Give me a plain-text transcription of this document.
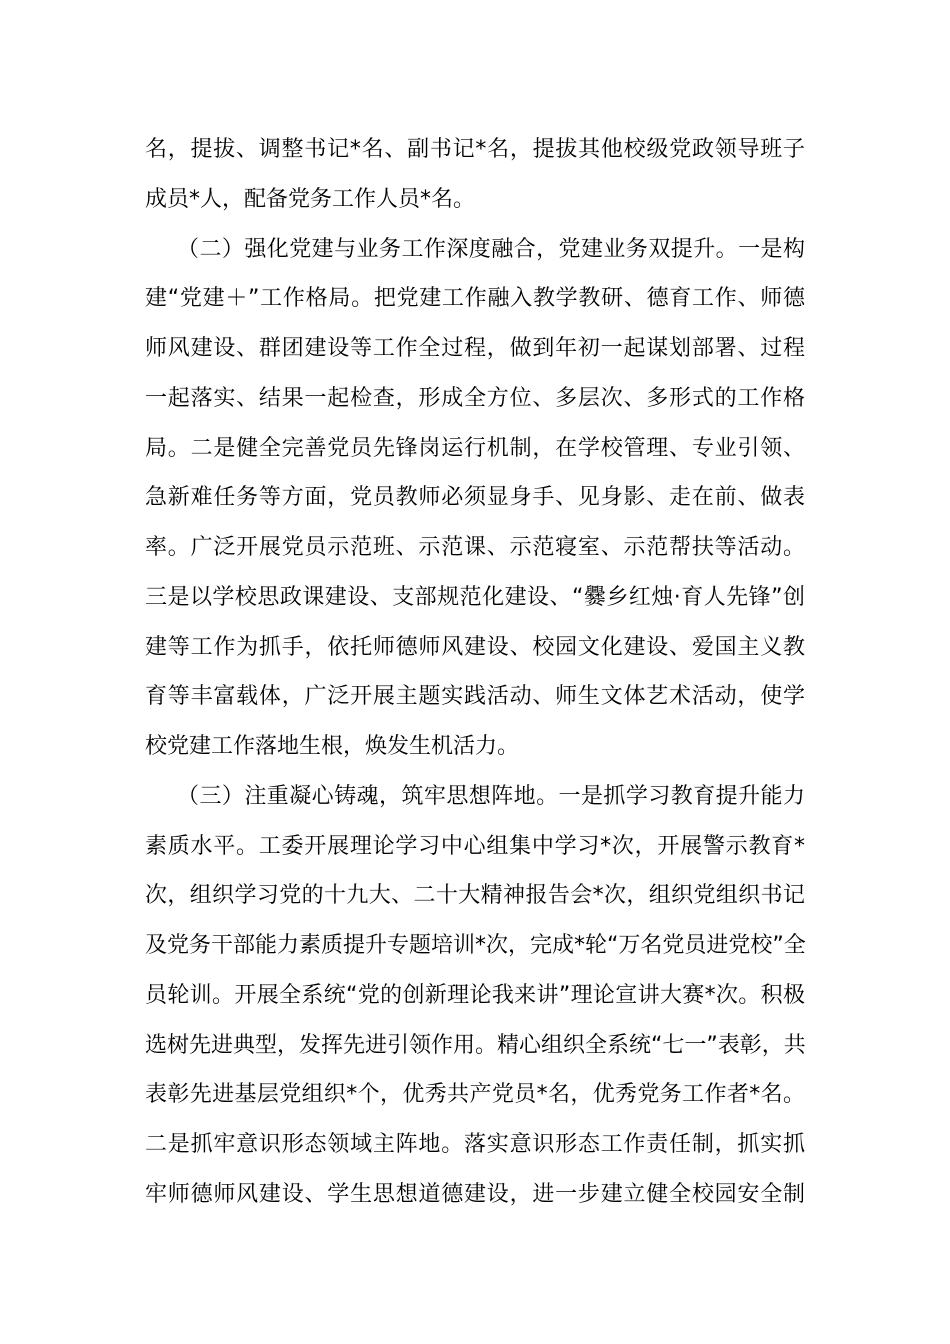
名，提拔、调整书记*名、副书记*名，提拔其他校级党政领导班子
成员*人，配备党务工作人员*名。
（二）强化党建与业务工作深度融合，党建业务双提升。一是构
建“党建＋”工作格局。把党建工作融入教学教研、德育工作、师德
师风建设、群团建设等工作全过程，做到年初一起谋划部署、过程
一起落实、结果一起检查，形成全方位、多层次、多形式的工作格
局。二是健全完善党员先锋岗运行机制，在学校管理、专业引领、
急新难任务等方面，党员教师必须显身手、见身影、走在前、做表
率。广泛开展党员示范班、示范课、示范寝室、示范帮扶等活动。
三是以学校思政课建设、支部规范化建设、“爨乡红烛·育人先锋”创
建等工作为抓手，依托师德师风建设、校园文化建设、爱国主义教
育等丰富载体，广泛开展主题实践活动、师生文体艺术活动，使学
校党建工作落地生根，焕发生机活力。
（三）注重凝心铸魂，筑牢思想阵地。一是抓学习教育提升能力
素质水平。工委开展理论学习中心组集中学习*次，开展警示教育*
次，组织学习党的十九大、二十大精神报告会*次，组织党组织书记
及党务干部能力素质提升专题培训*次，完成*轮“万名党员进党校”全
员轮训。开展全系统“党的创新理论我来讲”理论宣讲大赛*次。积极
选树先进典型，发挥先进引领作用。精心组织全系统“七一”表彰，共
表彰先进基层党组织*个，优秀共产党员*名，优秀党务工作者*名。
二是抓牢意识形态领域主阵地。落实意识形态工作责任制，抓实抓
牢师德师风建设、学生思想道德建设，进一步建立健全校园安全制
